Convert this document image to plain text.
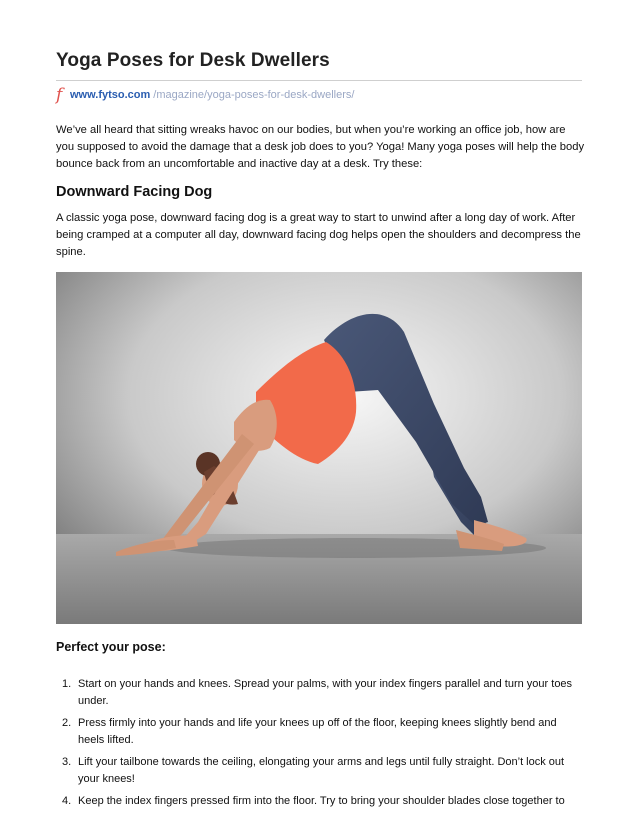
Yoga Poses for Desk Dwellers
f www.fytso.com /magazine/yoga-poses-for-desk-dwellers/

We’ve all heard that sitting wreaks havoc on our bodies, but when you’re working an office job, how are you supposed to avoid the damage that a desk job does to you? Yoga! Many yoga poses will help the body bounce back from an uncomfortable and inactive day at a desk. Try these:

Downward Facing Dog

A classic yoga pose, downward facing dog is a great way to start to unwind after a long day of work. After being cramped at a computer all day, downward facing dog helps open the shoulders and decompress the spine.

Perfect your pose:
1. Start on your hands and knees. Spread your palms, with your index fingers parallel and turn your toes under.
2. Press firmly into your hands and life your knees up off of the floor, keeping knees slightly bend and heels lifted.
3. Lift your tailbone towards the ceiling, elongating your arms and legs until fully straight. Don’t lock out your knees!
4. Keep the index fingers pressed firm into the floor. Try to bring your shoulder blades close together to
